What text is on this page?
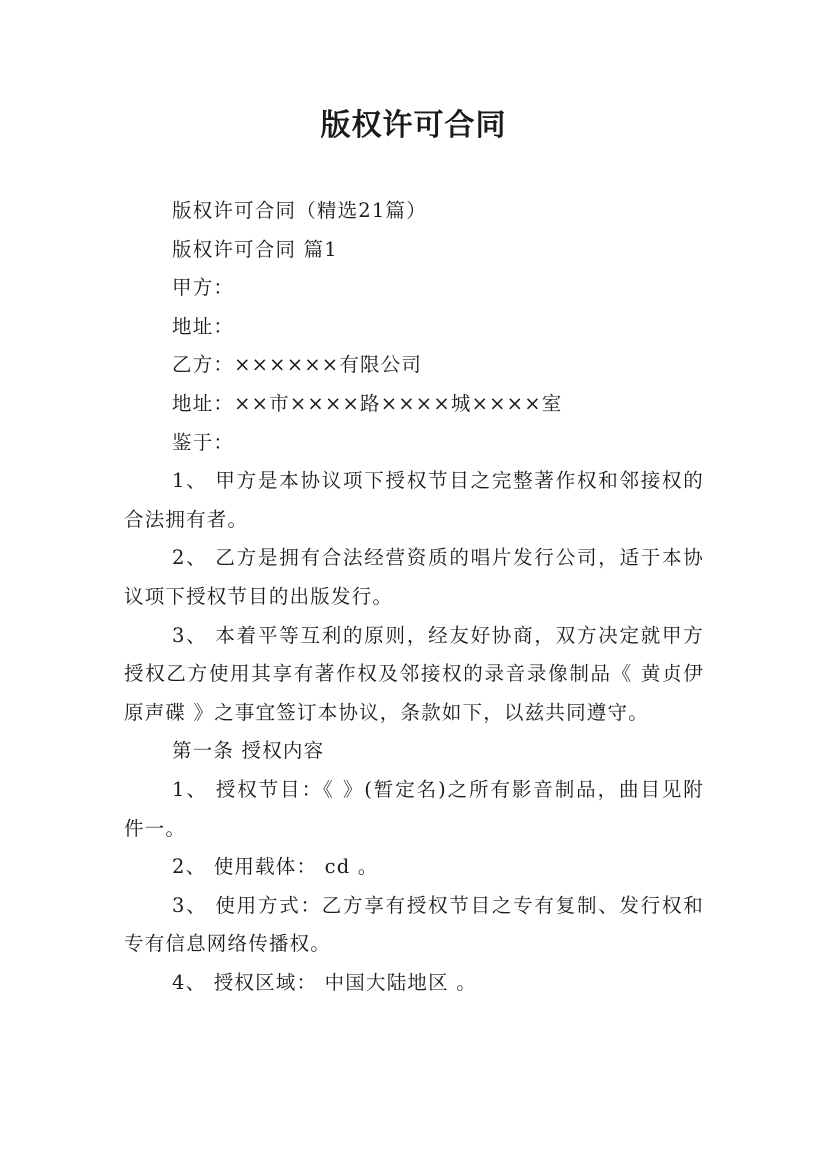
版权许可合同

版权许可合同（精选21篇）

版权许可合同 篇1

甲方：

地址：

乙方：××××××有限公司

地址：××市××××路××××城××××室

鉴于：

1、 甲方是本协议项下授权节目之完整著作权和邻接权的合法拥有者。

2、 乙方是拥有合法经营资质的唱片发行公司，适于本协议项下授权节目的出版发行。

3、 本着平等互利的原则，经友好协商，双方决定就甲方授权乙方使用其享有著作权及邻接权的录音录像制品《 黄贞伊原声碟 》之事宜签订本协议，条款如下，以兹共同遵守。

第一条 授权内容

1、 授权节目：《 》(暂定名)之所有影音制品，曲目见附件一。

2、 使用载体： cd 。

3、 使用方式：乙方享有授权节目之专有复制、发行权和专有信息网络传播权。

4、 授权区域： 中国大陆地区 。
